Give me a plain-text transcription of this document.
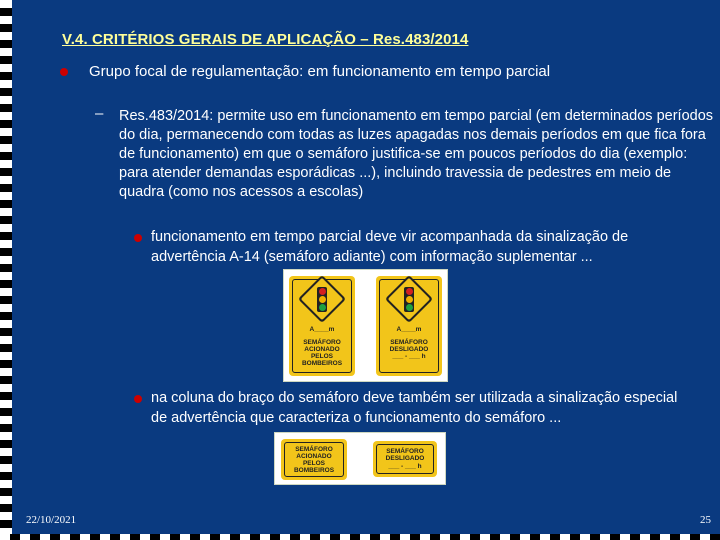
V.4. CRITÉRIOS GERAIS DE APLICAÇÃO – Res.483/2014
Grupo focal de regulamentação: em funcionamento em tempo parcial
– Res.483/2014: permite uso em funcionamento em tempo parcial (em determinados períodos do dia, permanecendo com todas as luzes apagadas nos demais períodos em que fica fora de funcionamento) em que o semáforo justifica-se em poucos períodos do dia (exemplo: para atender demandas esporádicas ...), incluindo travessia de pedestres em meio de quadra (como nos acessos a escolas)
funcionamento em tempo parcial deve vir acompanhada da sinalização de advertência A-14 (semáforo adiante) com informação suplementar ...
A____m
SEMÁFORO
ACIONADO
PELOS
BOMBEIROS
A____m
SEMÁFORO
DESLIGADO
___ - ___ h
na coluna do braço do semáforo deve também ser utilizada a sinalização especial de advertência que caracteriza o funcionamento do semáforo ...
SEMÁFORO
ACIONADO
PELOS
BOMBEIROS
SEMÁFORO
DESLIGADO
___ - ___ h
22/10/2021	25
